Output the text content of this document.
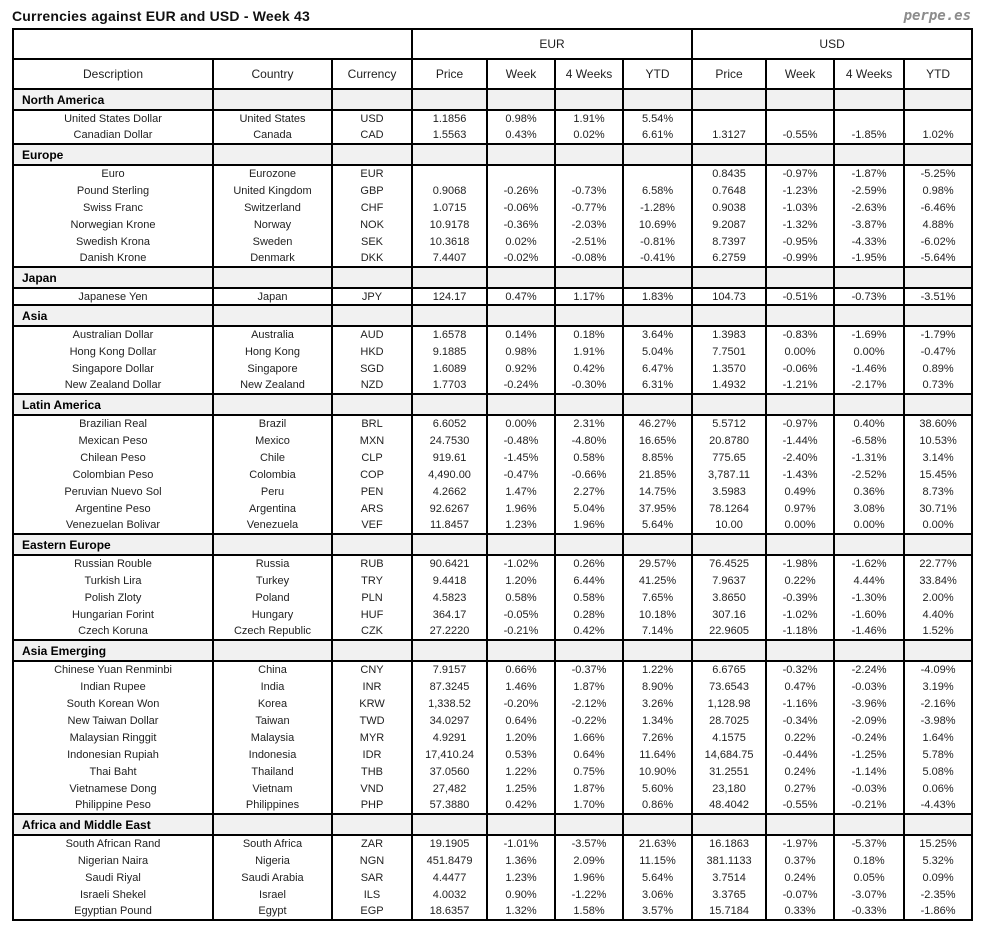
Currencies against EUR and USD - Week 43	perpe.es
			EUR				USD			
Description	Country	Currency	Price	Week	4 Weeks	YTD	Price	Week	4 Weeks	YTD
North America										
United States Dollar	United States	USD	1.1856	0.98%	1.91%	5.54%				
Canadian Dollar	Canada	CAD	1.5563	0.43%	0.02%	6.61%	1.3127	-0.55%	-1.85%	1.02%
Europe										
Euro	Eurozone	EUR					0.8435	-0.97%	-1.87%	-5.25%
Pound Sterling	United Kingdom	GBP	0.9068	-0.26%	-0.73%	6.58%	0.7648	-1.23%	-2.59%	0.98%
Swiss Franc	Switzerland	CHF	1.0715	-0.06%	-0.77%	-1.28%	0.9038	-1.03%	-2.63%	-6.46%
Norwegian Krone	Norway	NOK	10.9178	-0.36%	-2.03%	10.69%	9.2087	-1.32%	-3.87%	4.88%
Swedish Krona	Sweden	SEK	10.3618	0.02%	-2.51%	-0.81%	8.7397	-0.95%	-4.33%	-6.02%
Danish Krone	Denmark	DKK	7.4407	-0.02%	-0.08%	-0.41%	6.2759	-0.99%	-1.95%	-5.64%
Japan										
Japanese Yen	Japan	JPY	124.17	0.47%	1.17%	1.83%	104.73	-0.51%	-0.73%	-3.51%
Asia										
Australian Dollar	Australia	AUD	1.6578	0.14%	0.18%	3.64%	1.3983	-0.83%	-1.69%	-1.79%
Hong Kong Dollar	Hong Kong	HKD	9.1885	0.98%	1.91%	5.04%	7.7501	0.00%	0.00%	-0.47%
Singapore Dollar	Singapore	SGD	1.6089	0.92%	0.42%	6.47%	1.3570	-0.06%	-1.46%	0.89%
New Zealand Dollar	New Zealand	NZD	1.7703	-0.24%	-0.30%	6.31%	1.4932	-1.21%	-2.17%	0.73%
Latin America										
Brazilian Real	Brazil	BRL	6.6052	0.00%	2.31%	46.27%	5.5712	-0.97%	0.40%	38.60%
Mexican Peso	Mexico	MXN	24.7530	-0.48%	-4.80%	16.65%	20.8780	-1.44%	-6.58%	10.53%
Chilean Peso	Chile	CLP	919.61	-1.45%	0.58%	8.85%	775.65	-2.40%	-1.31%	3.14%
Colombian Peso	Colombia	COP	4,490.00	-0.47%	-0.66%	21.85%	3,787.11	-1.43%	-2.52%	15.45%
Peruvian Nuevo Sol	Peru	PEN	4.2662	1.47%	2.27%	14.75%	3.5983	0.49%	0.36%	8.73%
Argentine Peso	Argentina	ARS	92.6267	1.96%	5.04%	37.95%	78.1264	0.97%	3.08%	30.71%
Venezuelan Bolivar	Venezuela	VEF	11.8457	1.23%	1.96%	5.64%	10.00	0.00%	0.00%	0.00%
Eastern Europe										
Russian Rouble	Russia	RUB	90.6421	-1.02%	0.26%	29.57%	76.4525	-1.98%	-1.62%	22.77%
Turkish Lira	Turkey	TRY	9.4418	1.20%	6.44%	41.25%	7.9637	0.22%	4.44%	33.84%
Polish Zloty	Poland	PLN	4.5823	0.58%	0.58%	7.65%	3.8650	-0.39%	-1.30%	2.00%
Hungarian Forint	Hungary	HUF	364.17	-0.05%	0.28%	10.18%	307.16	-1.02%	-1.60%	4.40%
Czech Koruna	Czech Republic	CZK	27.2220	-0.21%	0.42%	7.14%	22.9605	-1.18%	-1.46%	1.52%
Asia Emerging										
Chinese Yuan Renminbi	China	CNY	7.9157	0.66%	-0.37%	1.22%	6.6765	-0.32%	-2.24%	-4.09%
Indian Rupee	India	INR	87.3245	1.46%	1.87%	8.90%	73.6543	0.47%	-0.03%	3.19%
South Korean Won	Korea	KRW	1,338.52	-0.20%	-2.12%	3.26%	1,128.98	-1.16%	-3.96%	-2.16%
New Taiwan Dollar	Taiwan	TWD	34.0297	0.64%	-0.22%	1.34%	28.7025	-0.34%	-2.09%	-3.98%
Malaysian Ringgit	Malaysia	MYR	4.9291	1.20%	1.66%	7.26%	4.1575	0.22%	-0.24%	1.64%
Indonesian Rupiah	Indonesia	IDR	17,410.24	0.53%	0.64%	11.64%	14,684.75	-0.44%	-1.25%	5.78%
Thai Baht	Thailand	THB	37.0560	1.22%	0.75%	10.90%	31.2551	0.24%	-1.14%	5.08%
Vietnamese Dong	Vietnam	VND	27,482	1.25%	1.87%	5.60%	23,180	0.27%	-0.03%	0.06%
Philippine Peso	Philippines	PHP	57.3880	0.42%	1.70%	0.86%	48.4042	-0.55%	-0.21%	-4.43%
Africa and Middle East										
South African Rand	South Africa	ZAR	19.1905	-1.01%	-3.57%	21.63%	16.1863	-1.97%	-5.37%	15.25%
Nigerian Naira	Nigeria	NGN	451.8479	1.36%	2.09%	11.15%	381.1133	0.37%	0.18%	5.32%
Saudi Riyal	Saudi Arabia	SAR	4.4477	1.23%	1.96%	5.64%	3.7514	0.24%	0.05%	0.09%
Israeli Shekel	Israel	ILS	4.0032	0.90%	-1.22%	3.06%	3.3765	-0.07%	-3.07%	-2.35%
Egyptian Pound	Egypt	EGP	18.6357	1.32%	1.58%	3.57%	15.7184	0.33%	-0.33%	-1.86%
